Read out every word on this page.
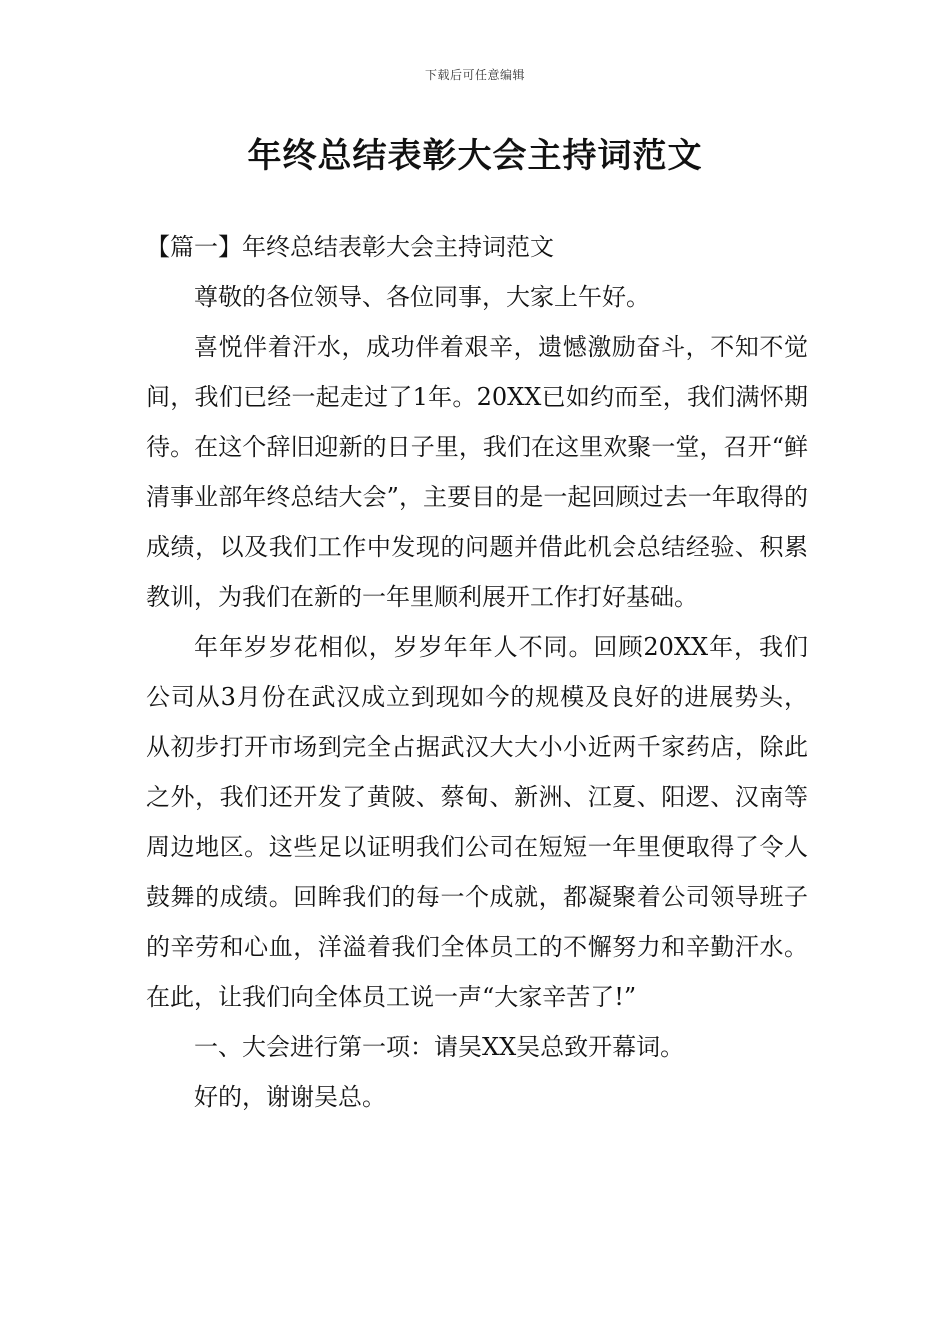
下载后可任意编辑
年终总结表彰大会主持词范文

【篇一】年终总结表彰大会主持词范文

尊敬的各位领导、各位同事，大家上午好。

喜悦伴着汗水，成功伴着艰辛，遗憾激励奋斗，不知不觉间，我们已经一起走过了1年。20XX已如约而至，我们满怀期待。在这个辞旧迎新的日子里，我们在这里欢聚一堂，召开“鲜清事业部年终总结大会”，主要目的是一起回顾过去一年取得的成绩，以及我们工作中发现的问题并借此机会总结经验、积累教训，为我们在新的一年里顺利展开工作打好基础。

年年岁岁花相似，岁岁年年人不同。回顾20XX年，我们公司从3月份在武汉成立到现如今的规模及良好的进展势头，从初步打开市场到完全占据武汉大大小小近两千家药店，除此之外，我们还开发了黄陂、蔡甸、新洲、江夏、阳逻、汉南等周边地区。这些足以证明我们公司在短短一年里便取得了令人鼓舞的成绩。回眸我们的每一个成就，都凝聚着公司领导班子的辛劳和心血，洋溢着我们全体员工的不懈努力和辛勤汗水。在此，让我们向全体员工说一声“大家辛苦了!”

一、大会进行第一项：请吴XX吴总致开幕词。

好的，谢谢吴总。
